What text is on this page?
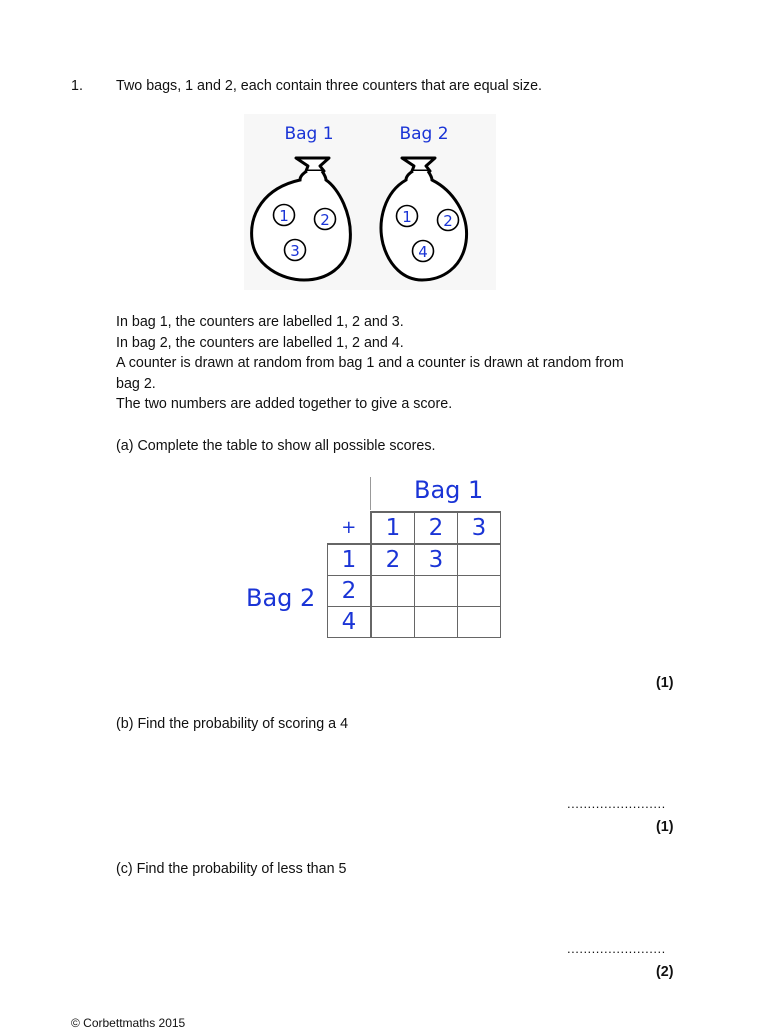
1. Two bags, 1 and 2, each contain three counters that are equal size.
1 2
3
1 2
4
Bag 1	Bag 2
In bag 1, the counters are labelled 1, 2 and 3.
In bag 2, the counters are labelled 1, 2 and 4.
A counter is drawn at random from bag 1 and a counter is drawn at random from
bag 2.
The two numbers are added together to give a score.
(a) Complete the table to show all possible scores.
Bag 1
Bag 2
+	1	2	3
1	2	3	
2			
4			
(1)
(b) Find the probability of scoring a 4
........................
(1)
(c) Find the probability of less than 5
........................
(2)
© Corbettmaths 2015
